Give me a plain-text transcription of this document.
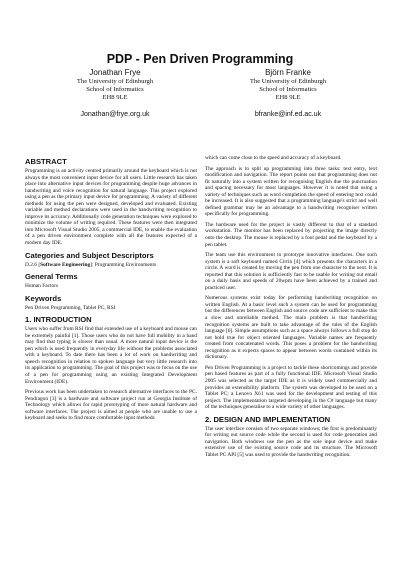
PDP - Pen Driven Programming
Jonathan Frye
The University of Edinburgh
School of Informatics
EH8 9LE
Jonathan@frye.org.uk
Björn Franke
The University of Edinburgh
School of Informatics
EH8 9LE
bfranke@inf.ed.ac.uk
ABSTRACT

Programming is an activity centred primarily around the keyboard which is not always the most convenient input device for all users. Little research has taken place into alternative input devices for programming despite huge advances in handwriting and voice recognition for natural language. This project explored using a pen as the primary input device for programming. A variety of different methods for using the pen were designed, developed and evaluated. Existing variable and method declarations were used in the handwriting recognition to improve its accuracy. Additionally code generation techniques were explored to minimize the volume of writing required. These features were then integrated into Microsoft Visual Studio 2005, a commercial IDE, to enable the evaluation of a pen driven environment complete with all the features expected of a modern day IDE.

Categories and Subject Descriptors

D.2.6 [Software Engineering]: Programming Environments

General Terms

Human Factors

Keywords

Pen Driven Programming, Tablet PC, RSI

1. INTRODUCTION

Users who suffer from RSI find that extended use of a keyboard and mouse can be extremely painful [1]. Those users who do not have full mobility in a hand may find that typing is slower than usual. A more natural input device is the pen which is used frequently in everyday life without the problems associated with a keyboard. To date there has been a lot of work on handwriting and speech recognition in relation to spoken language but very little research into its application to programming. The goal of this project was to focus on the use of a pen for programming using an existing Integrated Development Environment (IDE).

Previous work has been undertaken to research alternative interfaces to the PC. Pendragon [3] is a hardware and software project run at Georgia Institute of Technology which allows for rapid prototyping of more natural hardware and software interfaces. The project is aimed at people who are unable to use a keyboard and seeks to find more comfortable input methods

which can come close to the speed and accuracy of a keyboard.

The approach is to split up programming into three tasks: text entry, text modification and navigation. The report points out that programming does not fit naturally into a system written for recognising English due the punctuation and spacing necessary for most languages. However it is noted that using a variety of techniques such as word completion the speed of entering text could be increased. It is also suggested that a programming language's strict and well defined grammar may be an advantage to a handwriting recogniser written specifically for programming.

The hardware used for the project is vastly different to that of a standard workstation. The monitor has been replaced by projecting the image directly onto the desktop. The mouse is replaced by a foot pedal and the keyboard by a pen tablet.

The team use this environment to prototype innovative interfaces. One such system is a soft keyboard named Cirrin [4] which presents the characters in a circle. A word is created by moving the pen from one character to the next. It is reported that this solution is sufficiently fast to be usable for writing out email on a daily basis and speeds of 20wpm have been achieved by a trained and practiced user.

Numerous systems exist today for performing handwriting recognition on written English. At a basic level such a system can be used for programming but the differences between English and source code are sufficient to make this a slow and unreliable method. The main problem is that handwriting recognition systems are built to take advantage of the rules of the English language [6]. Simple assumptions such as a space always follows a full stop do not hold true for object oriented languages. Variable names are frequently created from concatenated words. This poses a problem for the handwriting recognition as it expects spaces to appear between words contained within its dictionary.

Pen Driven Programming is a project to tackle these shortcomings and provide pen based features as part of a fully functional IDE. Microsoft Visual Studio 2005 was selected as the target IDE as it is widely used commercially and provides an extensibility platform. The system was developed to be used on a Tablet PC; a Lenovo X61 was used for the development and testing of this project. The implementation targeted developing in the C# language but many of the techniques generalise to a wide variety of other languages.

2. DESIGN AND IMPLEMENTATION

The user interface consists of two separate windows; the first is predominantly for writing out source code while the second is used for code generation and navigation. Both windows use the pen as the sole input device and make extensive use of the existing source code and its structure. The Microsoft Tablet PC API [5] was used to provide the handwriting recognition.
